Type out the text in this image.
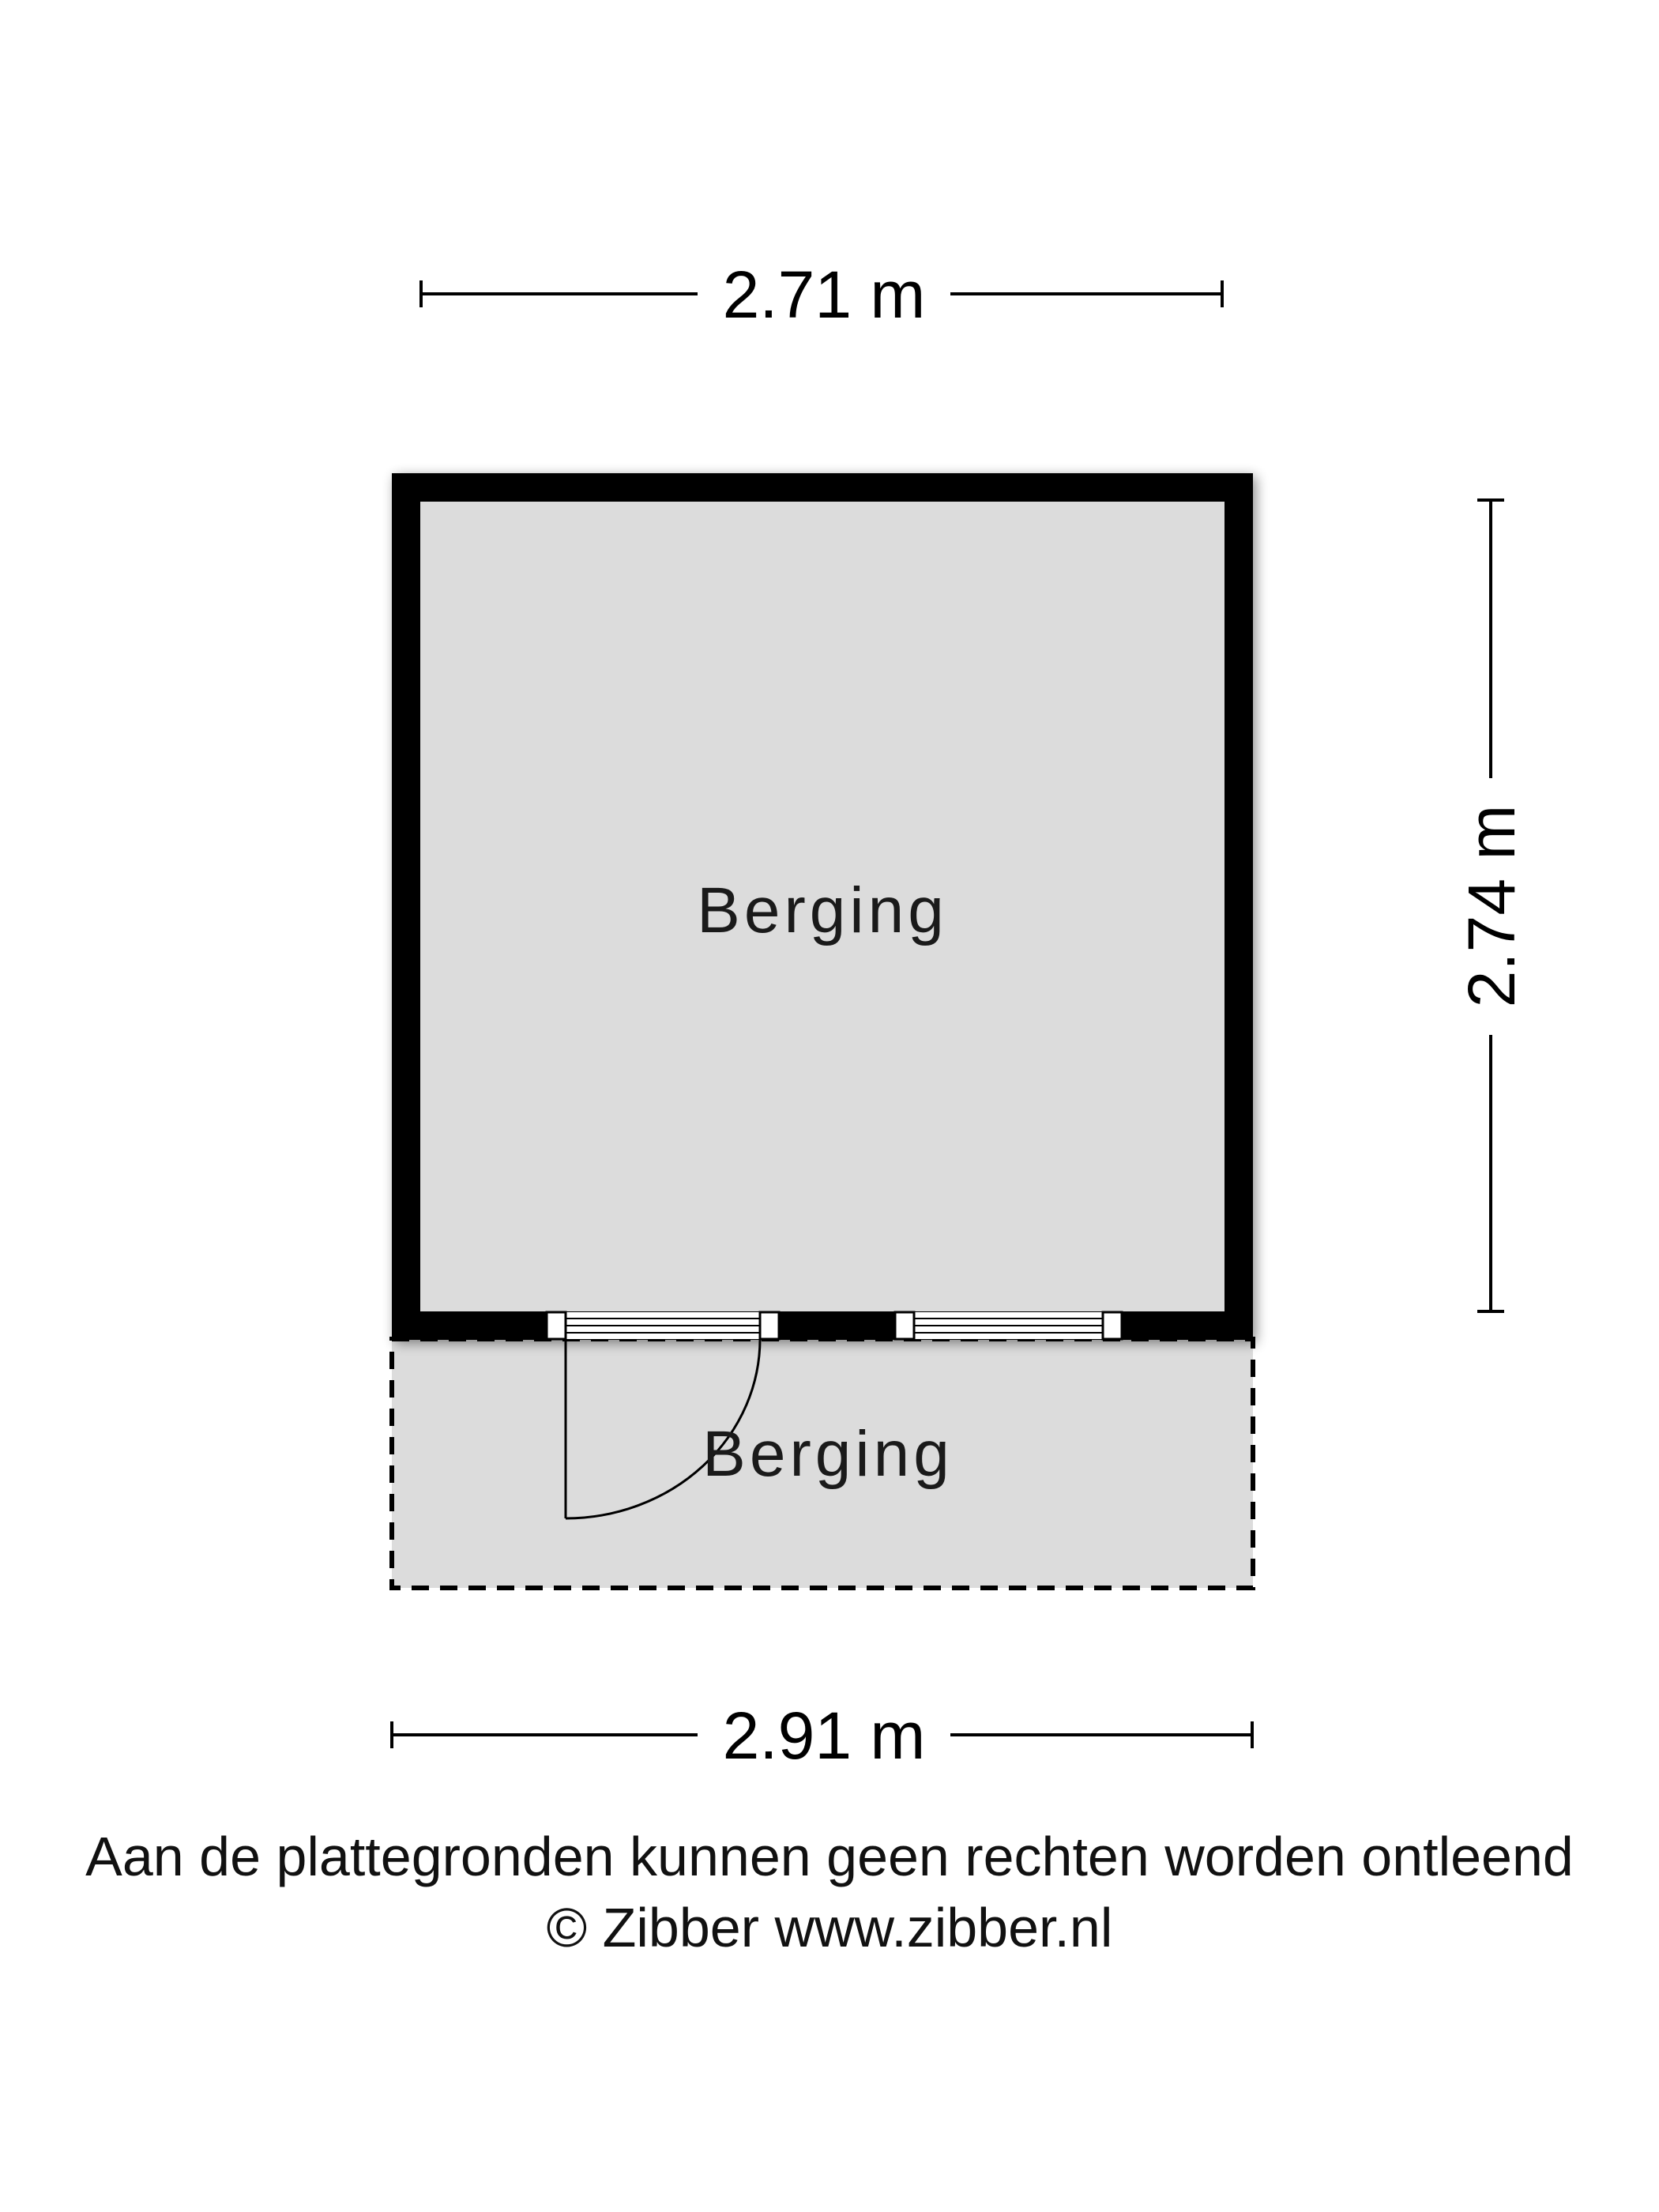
2.71 m
2.74 m
Berging
Berging
2.91 m
Aan de plattegronden kunnen geen rechten worden ontleend
© Zibber www.zibber.nl
